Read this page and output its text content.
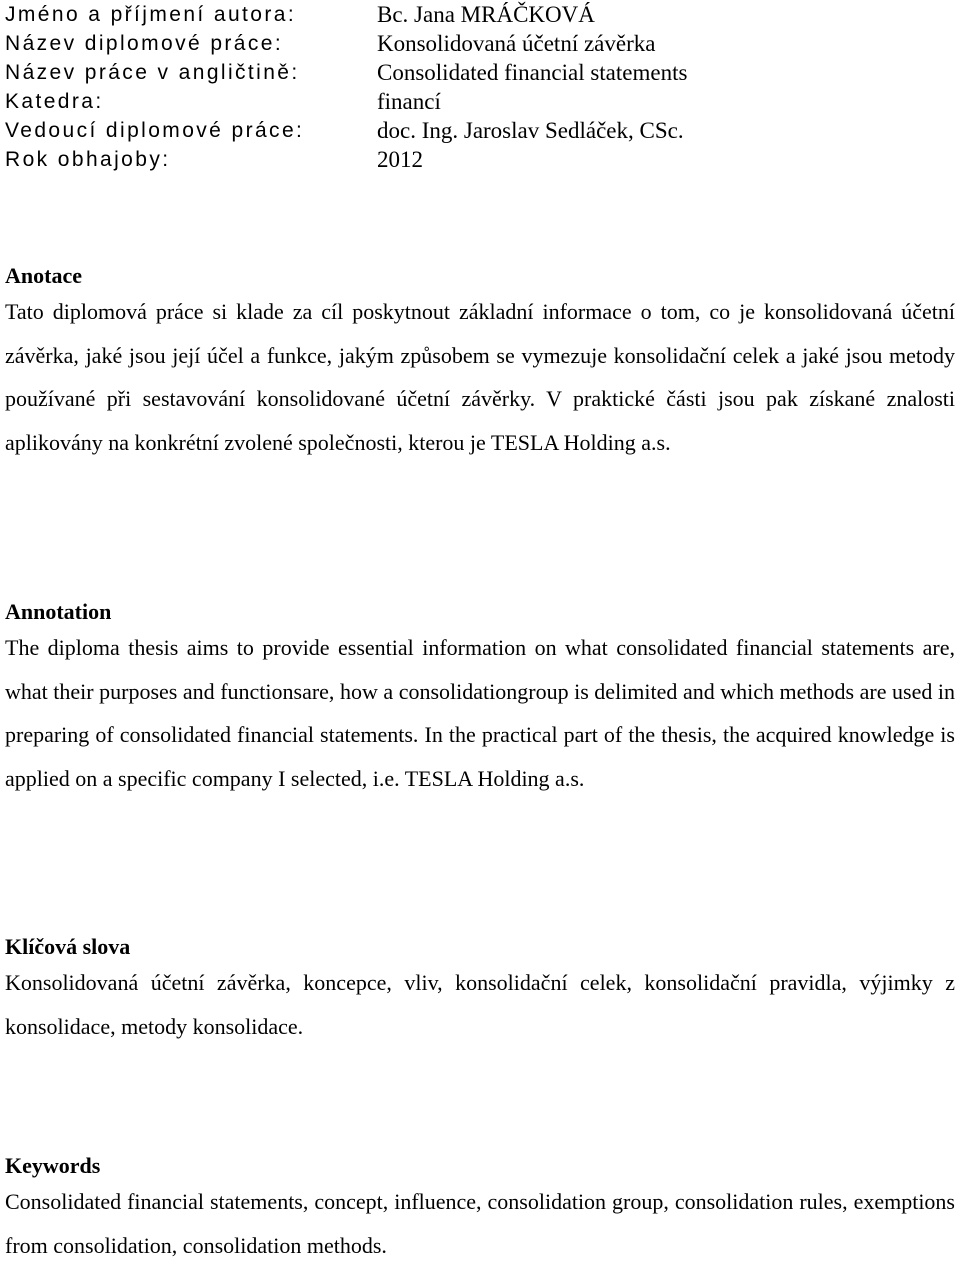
Jméno a příjmení autora:	Bc. Jana MRÁČKOVÁ
Název diplomové práce:	Konsolidovaná účetní závěrka
Název práce v angličtině:	Consolidated financial statements
Katedra:	financí
Vedoucí diplomové práce:	doc. Ing. Jaroslav Sedláček, CSc.
Rok obhajoby:	2012

Anotace

Tato diplomová práce si klade za cíl poskytnout základní informace o tom, co je konsolidovaná účetní závěrka, jaké jsou její účel a funkce, jakým způsobem se vymezuje konsolidační celek a jaké jsou metody používané při sestavování konsolidované účetní závěrky. V praktické části jsou pak získané znalosti aplikovány na konkrétní zvolené společnosti, kterou je TESLA Holding a.s.

Annotation

The diploma thesis aims to provide essential information on what consolidated financial statements are, what their purposes and functionsare, how a consolidationgroup is delimited and which methods are used in preparing of consolidated financial statements. In the practical part of the thesis, the acquired knowledge is applied on a specific company I selected, i.e. TESLA Holding a.s.

Klíčová slova

Konsolidovaná účetní závěrka, koncepce, vliv, konsolidační celek, konsolidační pravidla, výjimky z konsolidace, metody konsolidace.

Keywords

Consolidated financial statements, concept, influence, consolidation group, consolidation rules, exemptions from consolidation, consolidation methods.
